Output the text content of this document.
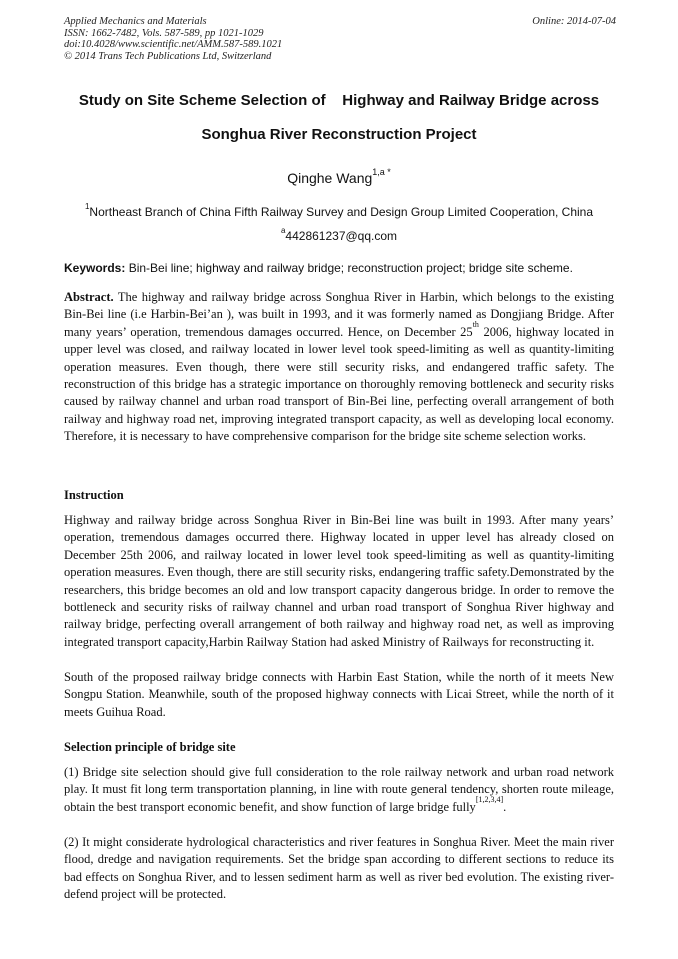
Applied Mechanics and Materials
ISSN: 1662-7482, Vols. 587-589, pp 1021-1029
doi:10.4028/www.scientific.net/AMM.587-589.1021
© 2014 Trans Tech Publications Ltd, Switzerland
Online: 2014-07-04
Study on Site Scheme Selection of    Highway and Railway Bridge across
Songhua River Reconstruction Project
Qinghe Wang$^{1,a *}$
$^1$Northeast Branch of China Fifth Railway Survey and Design Group Limited Cooperation, China
$^a$442861237@qq.com
Keywords: Bin-Bei line; highway and railway bridge; reconstruction project; bridge site scheme.
Abstract. The highway and railway bridge across Songhua River in Harbin, which belongs to the existing Bin-Bei line (i.e Harbin-Bei’an ), was built in 1993, and it was formerly named as Dongjiang Bridge. After many years’ operation, tremendous damages occurred. Hence, on December 25th 2006, highway located in upper level was closed, and railway located in lower level took speed-limiting as well as quantity-limiting operation measures. Even though, there were still security risks, and endangered traffic safety. The reconstruction of this bridge has a strategic importance on thoroughly removing bottleneck and security risks caused by railway channel and urban road transport of Bin-Bei line, perfecting overall arrangement of both railway and highway road net, improving integrated transport capacity, as well as developing local economy. Therefore, it is necessary to have comprehensive comparison for the bridge site scheme selection works.
Instruction
Highway and railway bridge across Songhua River in Bin-Bei line was built in 1993. After many years’ operation, tremendous damages occurred there. Highway located in upper level has already closed on December 25th 2006, and railway located in lower level took speed-limiting as well as quantity-limiting operation measures. Even though, there are still security risks, endangering traffic safety.Demonstrated by the researchers, this bridge becomes an old and low transport capacity dangerous bridge. In order to remove the bottleneck and security risks of railway channel and urban road transport of Songhua River highway and railway bridge, perfecting overall arrangement of both railway and highway road net, as well as improving integrated transport capacity,Harbin Railway Station had asked Ministry of Railways for reconstructing it.
South of the proposed railway bridge connects with Harbin East Station, while the north of it meets New Songpu Station. Meanwhile, south of the proposed highway connects with Licai Street, while the north of it meets Guihua Road.
Selection principle of bridge site
(1) Bridge site selection should give full consideration to the role railway network and urban road network play. It must fit long term transportation planning, in line with route general tendency, shorten route mileage, obtain the best transport economic benefit, and show function of large bridge fully[1,2,3,4].
(2) It might considerate hydrological characteristics and river features in Songhua River. Meet the main river flood, dredge and navigation requirements. Set the bridge span according to different sections to reduce its bad effects on Songhua River, and to lessen sediment harm as well as river bed evolution. The existing river-defend project will be protected.
